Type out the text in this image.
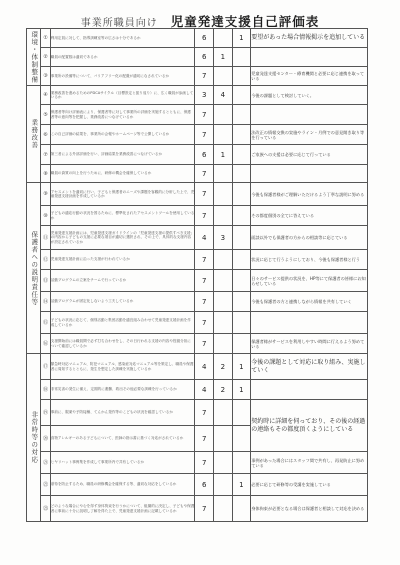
事業所職員向け 児童発達支援自己評価表
環境・体制整備	①	利用定員に対して、指導訓練室等の広さは十分であるか	6		1	要望があった場合情報掲示を追加している
	②	職員の配置数は適切であるか	6	1		
	③	事業所の設備等について、バリアフリー化の配慮が適切になされているか	7			児童発達支援センター・療育機関と必要に応じ連携を取っている
業務改善	④	業務改善を進めるためのPDCAサイクル（目標設定と振り返り）に、広く職員が参画しているか	3	4		今後の課題として検討していく。
	⑤	保護者等向け評価表により、保護者等に対して事業所の評価を実施するとともに、保護者等の意向等を把握し、業務改善につなげているか	7			
	⑥	この自己評価の結果を、事業所の会報やホームページ等で公開しているか	7			法改正の情報交換の実施やライン・月例での意見聞き取り等を行っている
	⑦	第三者による外部評価を行い、評価結果を業務改善につなげているか	6	1		ご家族への支援は必要に応じて行っている
	⑧	職員の資質の向上を行うために、研修の機会を確保しているか	7			
保護者への説明責任等	⑨	アセスメントを適切に行い、子どもと保護者のニーズや課題を客観的に分析した上で、児童発達支援計画を作成しているか	7			今後も保護者様がご理解いただけるよう丁寧な説明に努める
	⑩	子どもの適応行動の状況を図るために、標準化されたアセスメントツールを使用しているか	7			その都度個別の全てに答えている
	⑪	児童発達支援計画には、児童発達支援ガイドラインの「児童発達支援の提供すべき支援」の内容から子どもの支援に必要な項目が適切に選択され、その上で、具体的な支援内容が設定されているか	4	3		面談以外でも保護者の方からの相談等に応じている
	⑫	児童発達支援計画に沿った支援が行われているか	7			状況に応じて行うようにしており、今後も保護者様と行う
	⑬	活動プログラムの立案をチームで行っているか	7			日々のサービス提供の状況を、HP等にて保護者の皆様にお知らせしている
	⑭	活動プログラムが固定化しないよう工夫しているか	7			今後も保護者の方と連携しながら情報を共有していく
	⑮	子どもの状況に応じて、個別活動と集団活動を適宜組み合わせて児童発達支援計画を作成しているか	7			
	⑯	支援開始前には職員間で必ず打ち合わせをし、その日行われる支援の内容や役割分担について確認しているか	7			保護者様がサービスを利用しやすい時間に行えるよう努めている
非常時等の対応	⑰	緊急時対応マニュアル、防犯マニュアル、感染症対応マニュアル等を策定し、職員や保護者に周知するとともに、発生を想定した訓練を実施しているか	4	2	1	今後の課題として対応に取り組み、実施していく
	⑱	非常災害の発生に備え、定期的に避難、救出その他必要な訓練を行っているか	4	2	1	
	⑲	事前に、服薬や予防接種、てんかん発作等のこどもの状況を確認しているか	7			契約時に詳細を伺っており、その後の経過の連絡もその都度頂くようにしている
	⑳	食物アレルギーのある子どもについて、医師の指示書に基づく対応がされているか	7			
	㉑	ヒヤリハット事例集を作成して事業所内で共有しているか	7			事例があった場合にはスタッフ間で共有し、再発防止に努めている
	㉒	虐待を防止するため、職員の研修機会を確保する等、適切な対応をしているか	6		1	必要に応じて研修等の受講を実施している
	㉓	どのような場合にやむを得ず身体拘束を行うかについて、組織的に決定し、子どもや保護者に事前に十分に説明し了解を得た上で、児童発達支援計画に記載しているか	7			身体拘束が必要となる場合は保護者と相談して対応を決める
